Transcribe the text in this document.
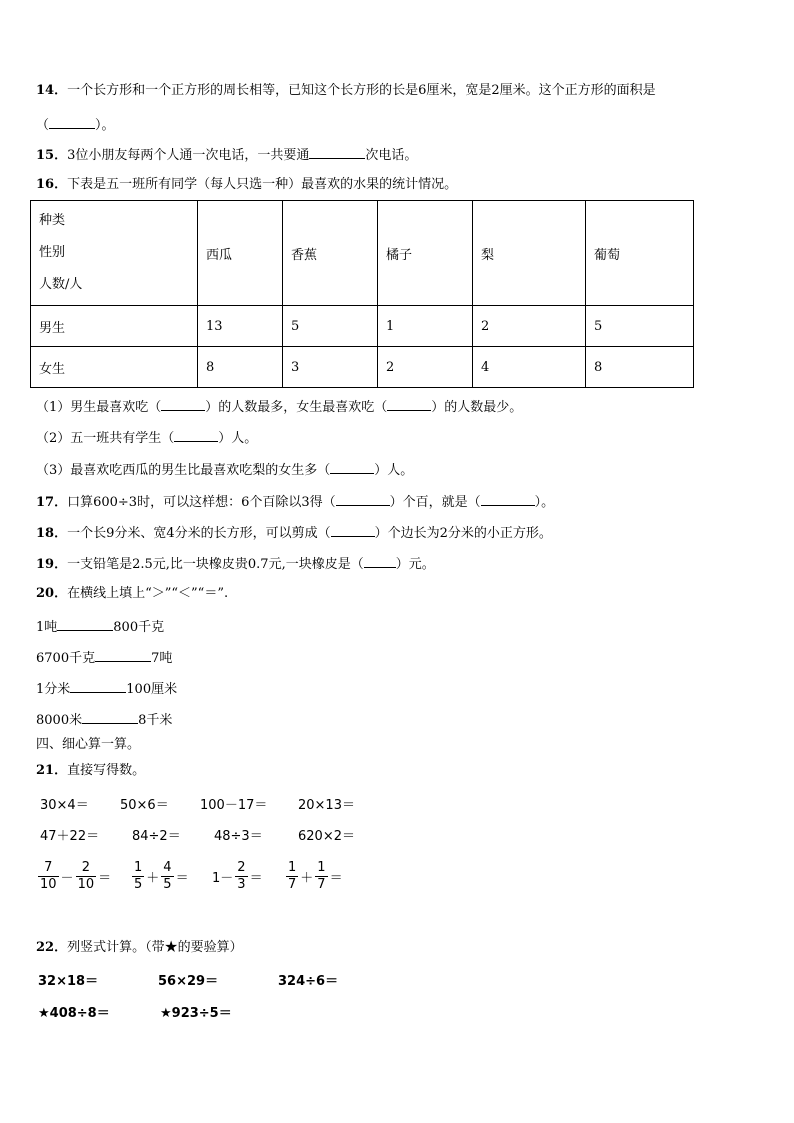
14．一个长方形和一个正方形的周长相等，已知这个长方形的长是6厘米，宽是2厘米。这个正方形的面积是
（	）。
15．3位小朋友每两个人通一次电话，一共要通	次电话。
16．下表是五一班所有同学（每人只选一种）最喜欢的水果的统计情况。
种类
性别
人数/人	西瓜	香蕉	橘子	梨	葡萄
男生	13	5	1	2	5
女生	8	3	2	4	8
（1）男生最喜欢吃（	）的人数最多，女生最喜欢吃（	）的人数最少。
（2）五一班共有学生（	）人。
（3）最喜欢吃西瓜的男生比最喜欢吃梨的女生多（	）人。
17．口算600÷3时，可以这样想：6个百除以3得（	）个百，就是（	）。
18．一个长9分米、宽4分米的长方形，可以剪成（	）个边长为2分米的小正方形。
19．一支铅笔是2.5元,比一块橡皮贵0.7元,一块橡皮是（ ）元。
20．在横线上填上“＞”“＜”“＝”.
1吨	800千克
6700千克	7吨
1分米	100厘米
8000米	8千米
四、细心算一算。
21．直接写得数。
30×4＝ 50×6＝ 100－17＝ 20×13＝
47＋22＝	84÷2＝	48÷3＝	620×2＝
$\frac{7}{10} - \frac{2}{10} = \frac{1}{5} + \frac{4}{5} = 1- \frac{2}{3} = \frac{1}{7} + \frac{1}{7}$ ＝
22．列竖式计算。（带★的要验算）
32×18＝	56×29＝	324÷6＝
★408÷8＝	★923÷5＝
